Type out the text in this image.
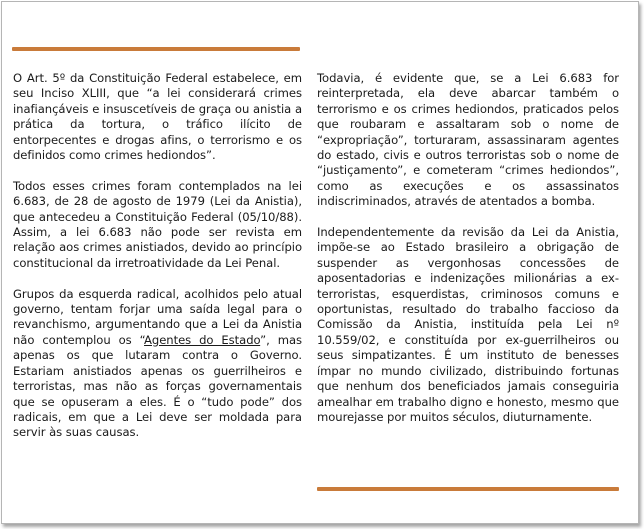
O Art. 5º da Constituição Federal estabelece, em seu Inciso XLIII, que “a lei considerará crimes inafiançáveis e insuscetíveis de graça ou anistia a prática da tortura, o tráfico ilícito de entorpecentes e drogas afins, o terrorismo e os definidos como crimes hediondos”.

Todos esses crimes foram contemplados na lei 6.683, de 28 de agosto de 1979 (Lei da Anistia), que antecedeu a Constituição Federal (05/10/88). Assim, a lei 6.683 não pode ser revista em relação aos crimes anistiados, devido ao princípio constitucional da irretroatividade da Lei Penal.

Grupos da esquerda radical, acolhidos pelo atual governo, tentam forjar uma saída legal para o revanchismo, argumentando que a Lei da Anistia não contemplou os “Agentes do Estado”, mas apenas os que lutaram contra o Governo. Estariam anistiados apenas os guerrilheiros e terroristas, mas não as forças governamentais que se opuseram a eles. É o “tudo pode” dos radicais, em que a Lei deve ser moldada para servir às suas causas.

Todavia, é evidente que, se a Lei 6.683 for reinterpretada, ela deve abarcar também o terrorismo e os crimes hediondos, praticados pelos que roubaram e assaltaram sob o nome de “expropriação”, torturaram, assassinaram agentes do estado, civis e outros terroristas sob o nome de “justiçamento”, e cometeram “crimes hediondos”, como as execuções e os assassinatos indiscriminados, através de atentados a bomba.

Independentemente da revisão da Lei da Anistia, impõe-se ao Estado brasileiro a obrigação de suspender as vergonhosas concessões de aposentadorias e indenizações milionárias a ex-terroristas, esquerdistas, criminosos comuns e oportunistas, resultado do trabalho faccioso da Comissão da Anistia, instituída pela Lei nº 10.559/02, e constituída por ex-guerrilheiros ou seus simpatizantes. É um instituto de benesses ímpar no mundo civilizado, distribuindo fortunas que nenhum dos beneficiados jamais conseguiria amealhar em trabalho digno e honesto, mesmo que mourejasse por muitos séculos, diuturnamente.
